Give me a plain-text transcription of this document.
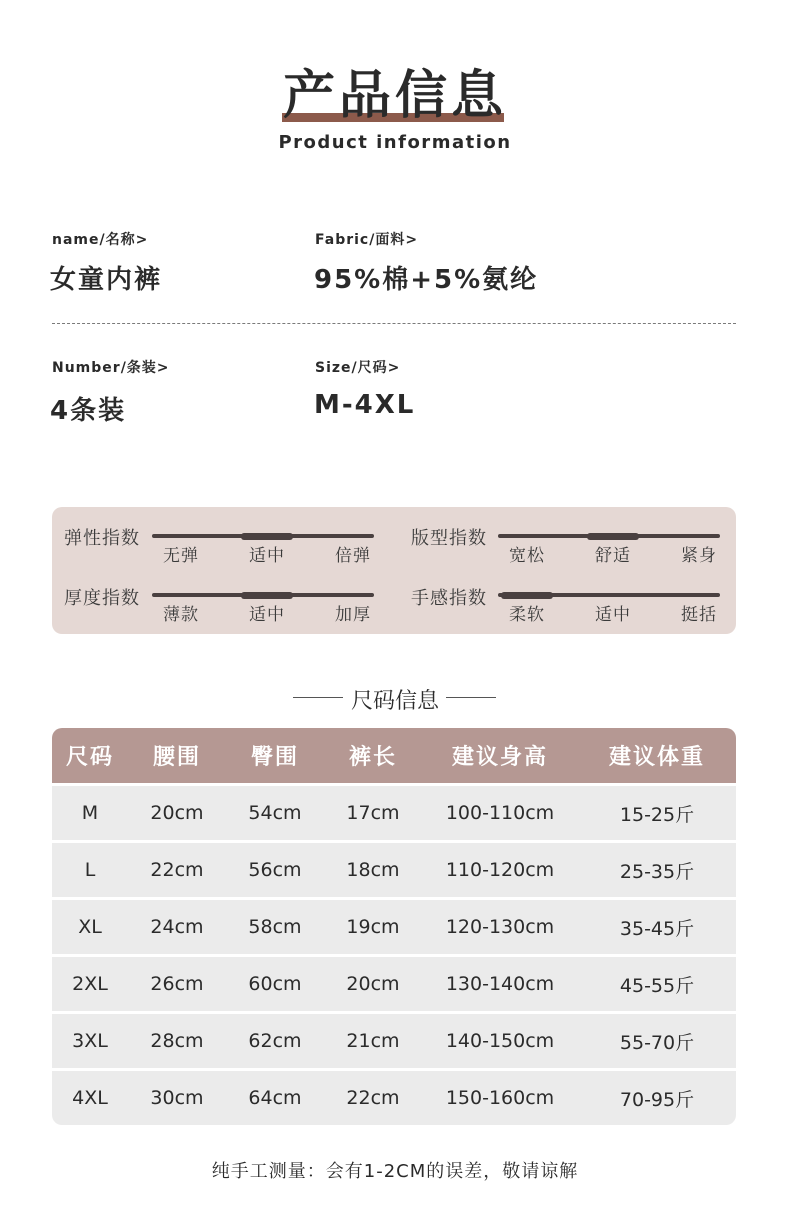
产品信息
Product information
name/名称>
女童内裤
Fabric/面料>
95%棉+5%氨纶
Number/条装>
4条装
Size/尺码>
M-4XL
弹性指数
无弹	适中	倍弹
版型指数
宽松	舒适	紧身
厚度指数
薄款	适中	加厚
手感指数
柔软	适中	挺括
尺码信息
尺码	腰围	臀围	裤长	建议身高	建议体重
M	20cm	54cm	17cm	100-110cm	15-25斤
L	22cm	56cm	18cm	110-120cm	25-35斤
XL	24cm	58cm	19cm	120-130cm	35-45斤
2XL	26cm	60cm	20cm	130-140cm	45-55斤
3XL	28cm	62cm	21cm	140-150cm	55-70斤
4XL	30cm	64cm	22cm	150-160cm	70-95斤
纯手工测量：会有1-2CM的误差，敬请谅解
